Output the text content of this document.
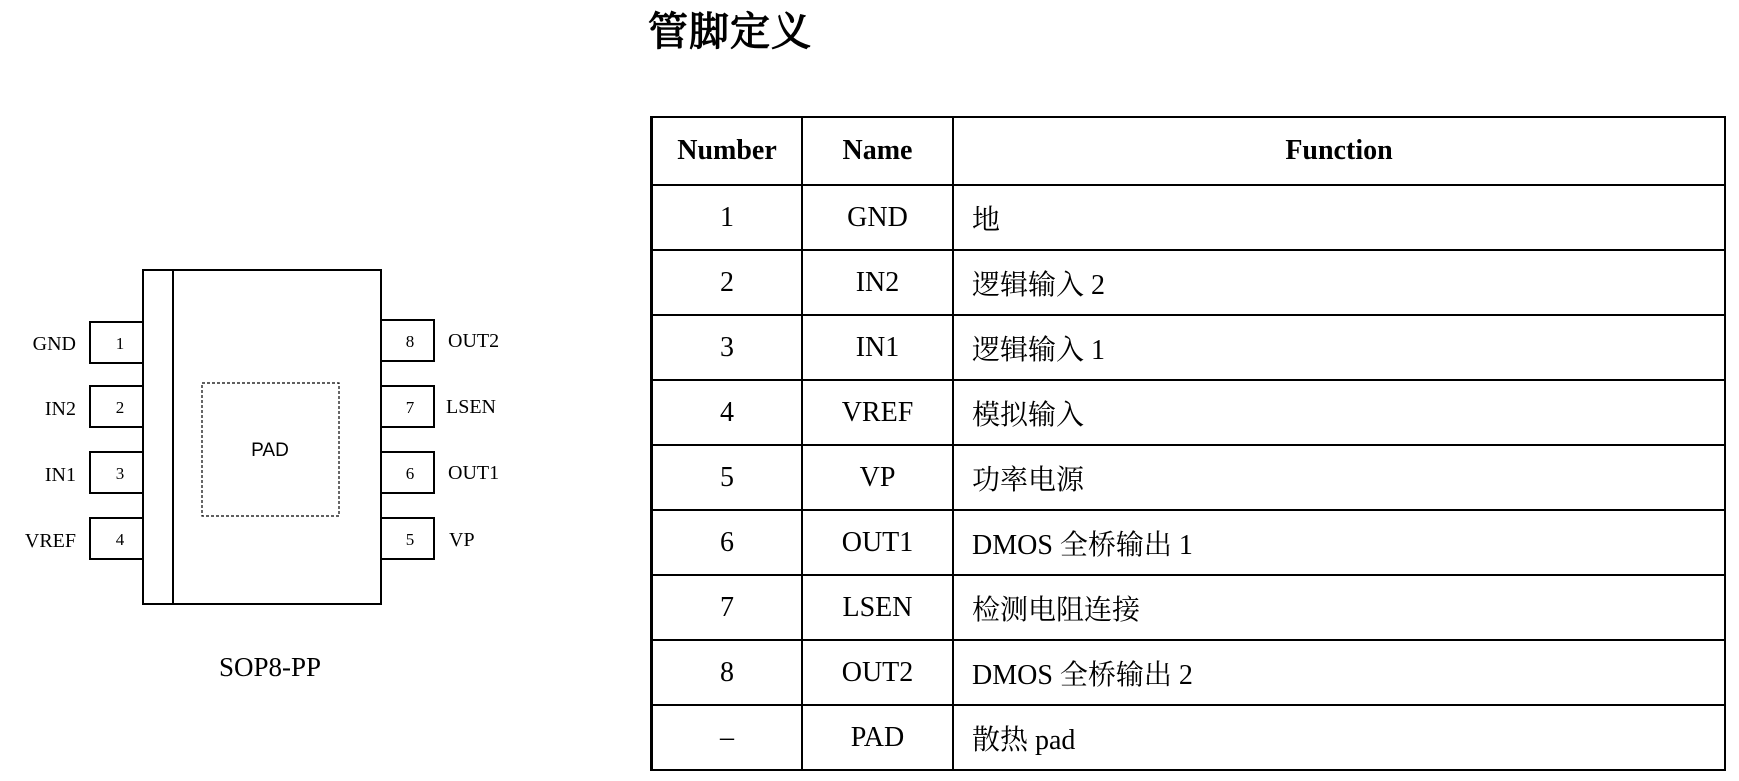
管脚定义
PAD
1
GND
2
IN2
3
IN1
4
VREF
8 OUT2
7 LSEN
6 OUT1
5 VP
SOP8-PP
Number	Name	Function
1	GND	地
2	IN2	逻辑输入 2
3	IN1	逻辑输入 1
4	VREF	模拟输入
5	VP	功率电源
6	OUT1	DMOS 全桥输出 1
7	LSEN	检测电阻连接
8	OUT2	DMOS 全桥输出 2
–	PAD	散热 pad
